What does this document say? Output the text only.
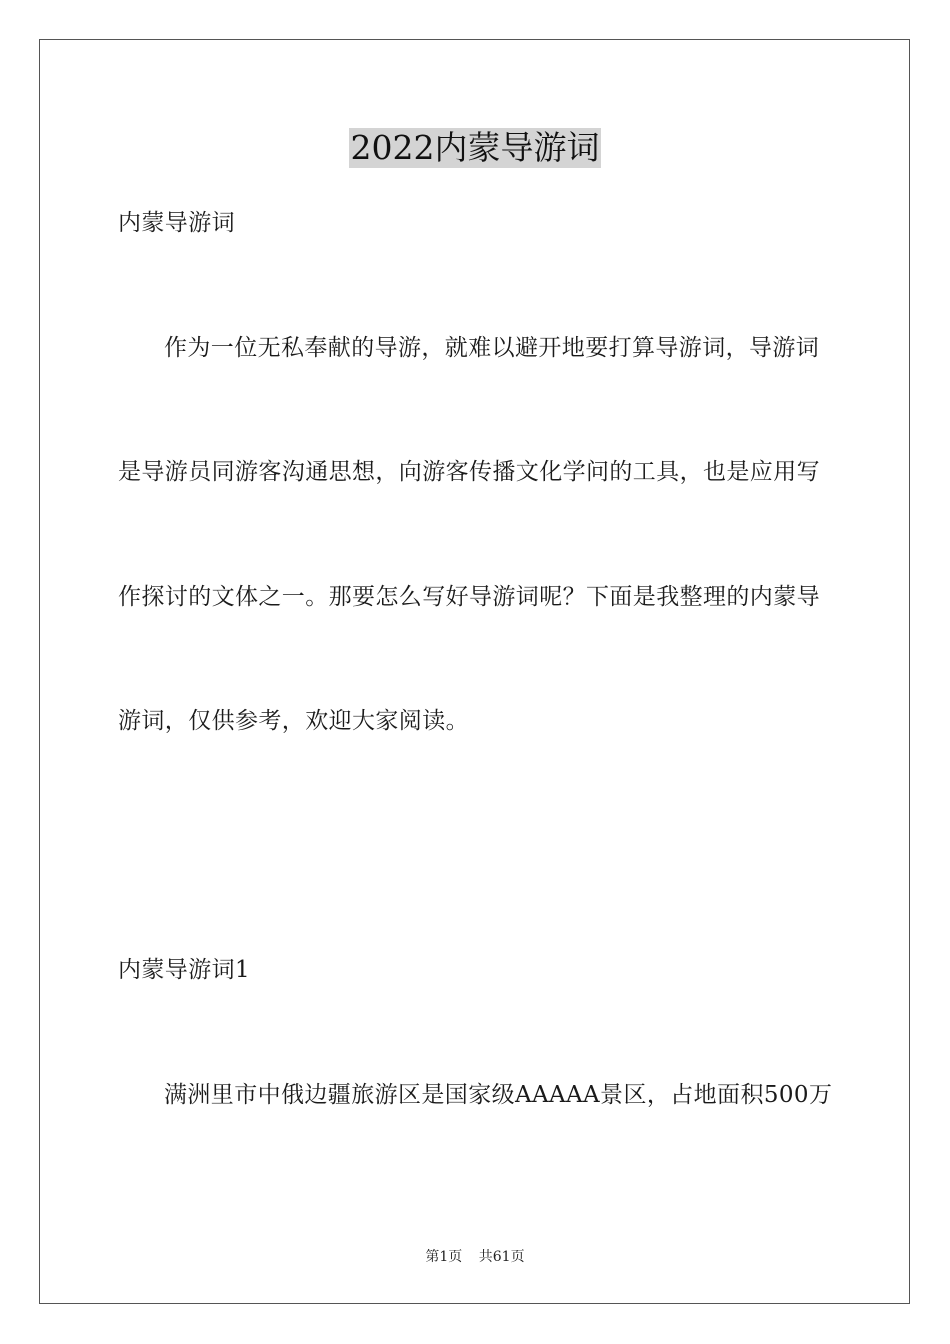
2022内蒙导游词
内蒙导游词
作为一位无私奉献的导游，就难以避开地要打算导游词，导游词
是导游员同游客沟通思想，向游客传播文化学问的工具，也是应用写
作探讨的文体之一。那要怎么写好导游词呢？下面是我整理的内蒙导
游词，仅供参考，欢迎大家阅读。
内蒙导游词1
满洲里市中俄边疆旅游区是国家级AAAAA景区，占地面积500万
第1页 共61页
